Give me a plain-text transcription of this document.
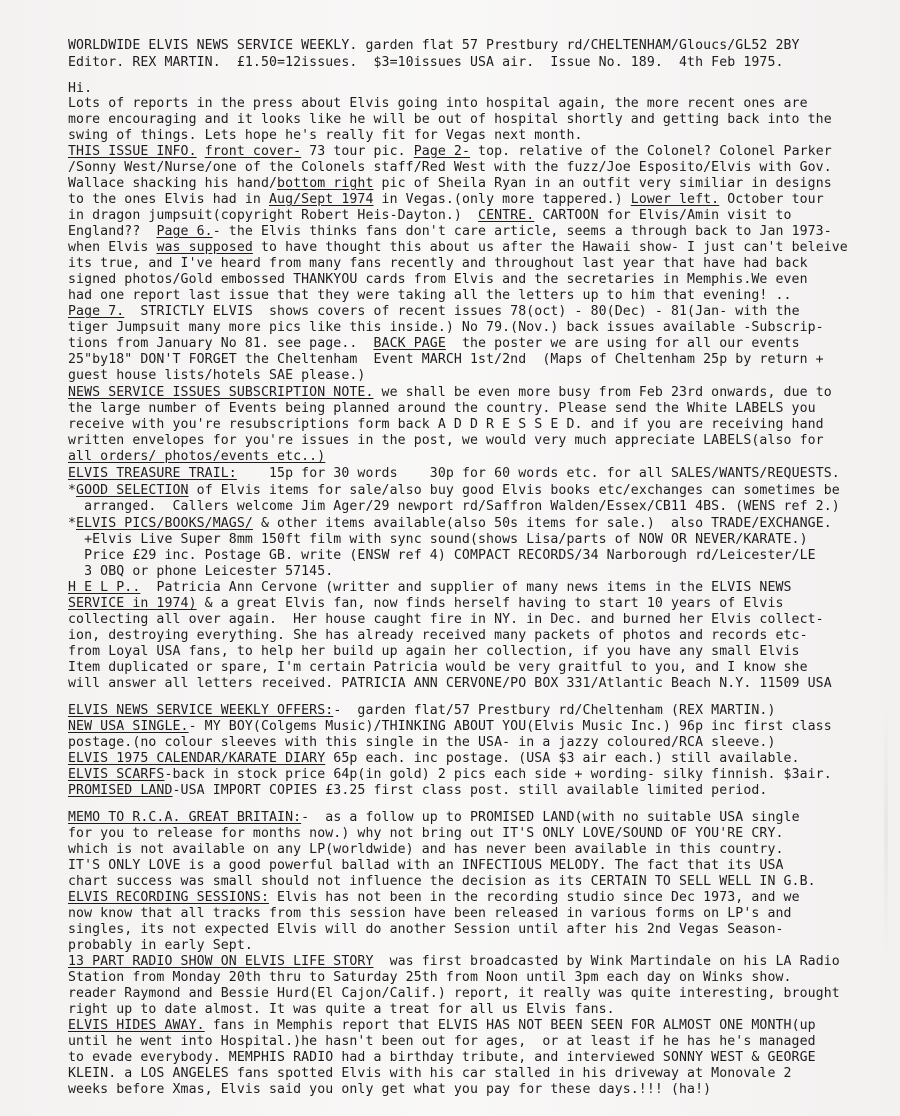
WORLDWIDE ELVIS NEWS SERVICE WEEKLY. garden flat 57 Prestbury rd/CHELTENHAM/Gloucs/GL52 2BY
Editor. REX MARTIN.  £1.50=12issues.  $3=10issues USA air.  Issue No. 189.  4th Feb 1975.
Hi.
Lots of reports in the press about Elvis going into hospital again, the more recent ones are
more encouraging and it looks like he will be out of hospital shortly and getting back into the
swing of things. Lets hope he's really fit for Vegas next month.
THIS ISSUE INFO. front cover- 73 tour pic. Page 2- top. relative of the Colonel? Colonel Parker
/Sonny West/Nurse/one of the Colonels staff/Red West with the fuzz/Joe Esposito/Elvis with Gov.
Wallace shacking his hand/bottom right pic of Sheila Ryan in an outfit very similiar in designs
to the ones Elvis had in Aug/Sept 1974 in Vegas.(only more tappered.) Lower left. October tour
in dragon jumpsuit(copyright Robert Heis-Dayton.)  CENTRE. CARTOON for Elvis/Amin visit to
England??  Page 6.- the Elvis thinks fans don't care article, seems a through back to Jan 1973-
when Elvis was supposed to have thought this about us after the Hawaii show- I just can't beleive
its true, and I've heard from many fans recently and throughout last year that have had back
signed photos/Gold embossed THANKYOU cards from Elvis and the secretaries in Memphis.We even
had one report last issue that they were taking all the letters up to him that evening! ..
Page 7.  STRICTLY ELVIS  shows covers of recent issues 78(oct) - 80(Dec) - 81(Jan- with the
tiger Jumpsuit many more pics like this inside.) No 79.(Nov.) back issues available -Subscrip-
tions from January No 81. see page..  BACK PAGE  the poster we are using for all our events
25"by18" DON'T FORGET the Cheltenham  Event MARCH 1st/2nd  (Maps of Cheltenham 25p by return +
guest house lists/hotels SAE please.)
NEWS SERVICE ISSUES SUBSCRIPTION NOTE. we shall be even more busy from Feb 23rd onwards, due to
the large number of Events being planned around the country. Please send the White LABELS you
receive with you're resubscriptions form back A D D R E S S E D. and if you are receiving hand
written envelopes for you're issues in the post, we would very much appreciate LABELS(also for
all orders/ photos/events etc..)
ELVIS TREASURE TRAIL:    15p for 30 words    30p for 60 words etc. for all SALES/WANTS/REQUESTS.
*GOOD SELECTION of Elvis items for sale/also buy good Elvis books etc/exchanges can sometimes be
arranged.  Callers welcome Jim Ager/29 newport rd/Saffron Walden/Essex/CB11 4BS. (WENS ref 2.)
*ELVIS PICS/BOOKS/MAGS/ & other items available(also 50s items for sale.)  also TRADE/EXCHANGE.
+Elvis Live Super 8mm 150ft film with sync sound(shows Lisa/parts of NOW OR NEVER/KARATE.)
Price £29 inc. Postage GB. write (ENSW ref 4) COMPACT RECORDS/34 Narborough rd/Leicester/LE
3 OBQ or phone Leicester 57145.
H E L P..  Patricia Ann Cervone (writter and supplier of many news items in the ELVIS NEWS
SERVICE in 1974) & a great Elvis fan, now finds herself having to start 10 years of Elvis
collecting all over again.  Her house caught fire in NY. in Dec. and burned her Elvis collect-
ion, destroying everything. She has already received many packets of photos and records etc-
from Loyal USA fans, to help her build up again her collection, if you have any small Elvis
Item duplicated or spare, I'm certain Patricia would be very graitful to you, and I know she
will answer all letters received. PATRICIA ANN CERVONE/PO BOX 331/Atlantic Beach N.Y. 11509 USA
ELVIS NEWS SERVICE WEEKLY OFFERS:-  garden flat/57 Prestbury rd/Cheltenham (REX MARTIN.)
NEW USA SINGLE.- MY BOY(Colgems Music)/THINKING ABOUT YOU(Elvis Music Inc.) 96p inc first class
postage.(no colour sleeves with this single in the USA- in a jazzy coloured/RCA sleeve.)
ELVIS 1975 CALENDAR/KARATE DIARY 65p each. inc postage. (USA $3 air each.) still available.
ELVIS SCARFS-back in stock price 64p(in gold) 2 pics each side + wording- silky finnish. $3air.
PROMISED LAND-USA IMPORT COPIES £3.25 first class post. still available limited period.
MEMO TO R.C.A. GREAT BRITAIN:-  as a follow up to PROMISED LAND(with no suitable USA single
for you to release for months now.) why not bring out IT'S ONLY LOVE/SOUND OF YOU'RE CRY.
which is not available on any LP(worldwide) and has never been available in this country.
IT'S ONLY LOVE is a good powerful ballad with an INFECTIOUS MELODY. The fact that its USA
chart success was small should not influence the decision as its CERTAIN TO SELL WELL IN G.B.
ELVIS RECORDING SESSIONS: Elvis has not been in the recording studio since Dec 1973, and we
now know that all tracks from this session have been released in various forms on LP's and
singles, its not expected Elvis will do another Session until after his 2nd Vegas Season-
probably in early Sept.
13 PART RADIO SHOW ON ELVIS LIFE STORY  was first broadcasted by Wink Martindale on his LA Radio
Station from Monday 20th thru to Saturday 25th from Noon until 3pm each day on Winks show.
reader Raymond and Bessie Hurd(El Cajon/Calif.) report, it really was quite interesting, brought
right up to date almost. It was quite a treat for all us Elvis fans.
ELVIS HIDES AWAY. fans in Memphis report that ELVIS HAS NOT BEEN SEEN FOR ALMOST ONE MONTH(up
until he went into Hospital.)he hasn't been out for ages,  or at least if he has he's managed
to evade everybody. MEMPHIS RADIO had a birthday tribute, and interviewed SONNY WEST & GEORGE
KLEIN. a LOS ANGELES fans spotted Elvis with his car stalled in his driveway at Monovale 2
weeks before Xmas, Elvis said you only get what you pay for these days.!!! (ha!)
